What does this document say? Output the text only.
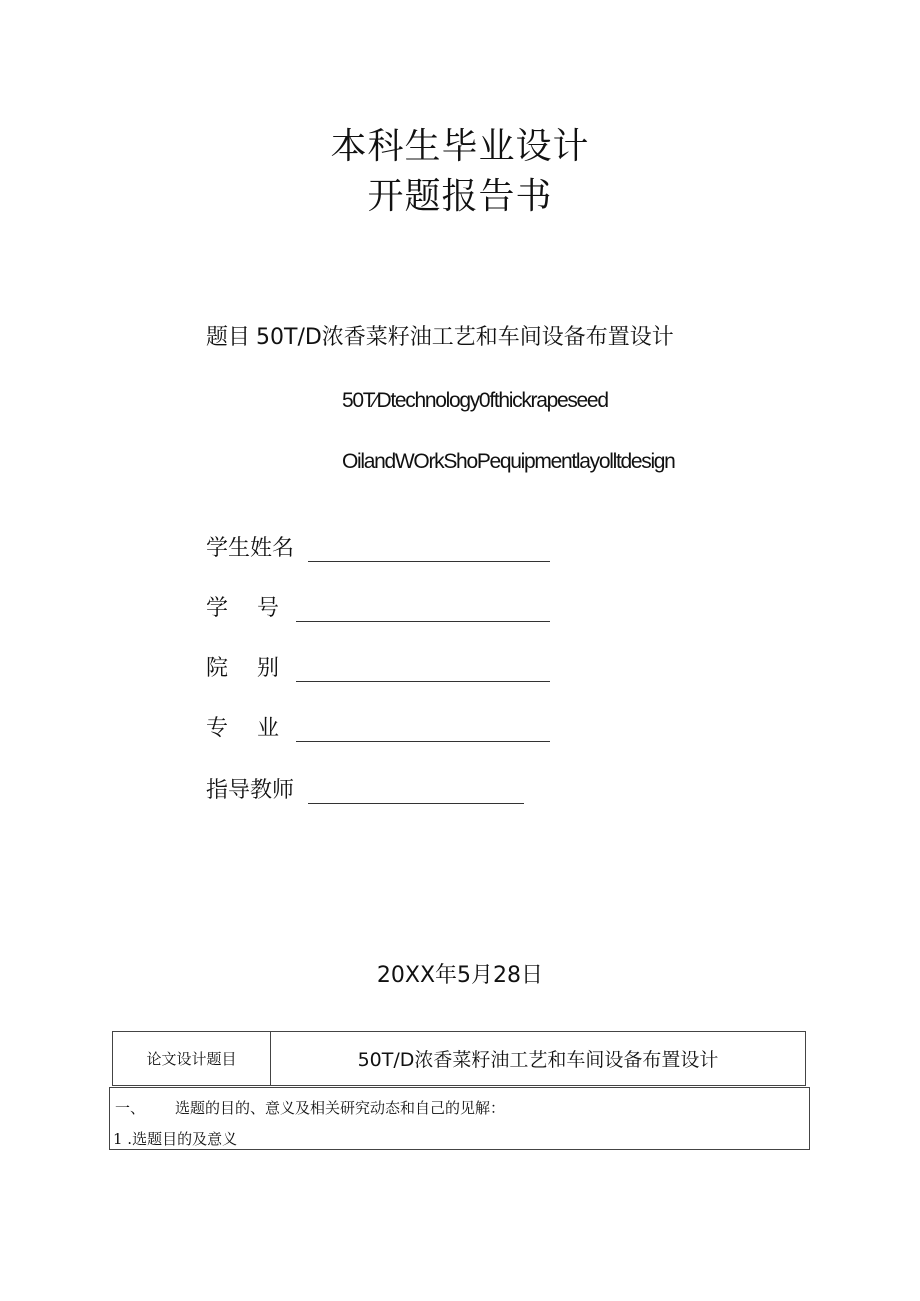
本科生毕业设计
开题报告书
题目 50T/D浓香菜籽油工艺和车间设备布置设计
50T⁄Dtechnology0fthickrapeseed
OilandWOrkShoPequipmentlayolltdesign
学生姓名
学　 号
院　 别
专　 业
指导教师
20XX年5月28日
论文设计题目	50T/D浓香菜籽油工艺和车间设备布置设计
一、 选题的目的、意义及相关研究动态和自己的见解：
1 .选题目的及意义
